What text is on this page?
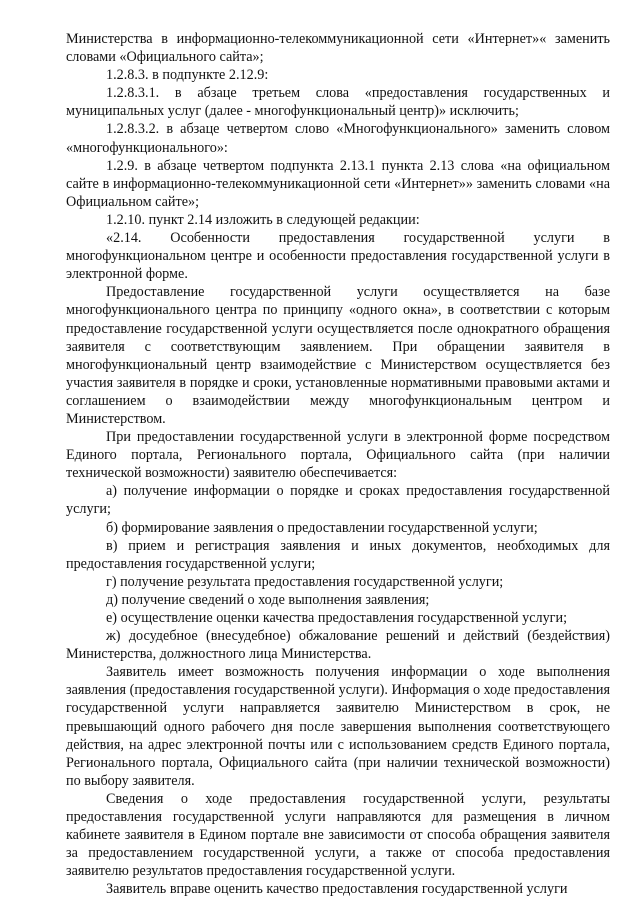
Министерства в информационно-телекоммуникационной сети «Интернет»« заменить словами «Официального сайта»;

1.2.8.3. в подпункте 2.12.9:

1.2.8.3.1. в абзаце третьем слова «предоставления государственных и муниципальных услуг (далее - многофункциональный центр)» исключить;

1.2.8.3.2. в абзаце четвертом слово «Многофункционального» заменить словом «многофункционального»:

1.2.9. в абзаце четвертом подпункта 2.13.1 пункта 2.13 слова «на официальном сайте в информационно-телекоммуникационной сети «Интернет»» заменить словами «на Официальном сайте»;

1.2.10. пункт 2.14 изложить в следующей редакции:

«2.14. Особенности предоставления государственной услуги в многофункциональном центре и особенности предоставления государственной услуги в электронной форме.

Предоставление государственной услуги осуществляется на базе многофункционального центра по принципу «одного окна», в соответствии с которым предоставление государственной услуги осуществляется после однократного обращения заявителя с соответствующим заявлением. При обращении заявителя в многофункциональный центр взаимодействие с Министерством осуществляется без участия заявителя в порядке и сроки, установленные нормативными правовыми актами и соглашением о взаимодействии между многофункциональным центром и Министерством.

При предоставлении государственной услуги в электронной форме посредством Единого портала, Регионального портала, Официального сайта (при наличии технической возможности) заявителю обеспечивается:

а) получение информации о порядке и сроках предоставления государственной услуги;

б) формирование заявления о предоставлении государственной услуги;

в) прием и регистрация заявления и иных документов, необходимых для предоставления государственной услуги;

г) получение результата предоставления государственной услуги;

д) получение сведений о ходе выполнения заявления;

е) осуществление оценки качества предоставления государственной услуги;

ж) досудебное (внесудебное) обжалование решений и действий (бездействия) Министерства, должностного лица Министерства.

Заявитель имеет возможность получения информации о ходе выполнения заявления (предоставления государственной услуги). Информация о ходе предоставления государственной услуги направляется заявителю Министерством в срок, не превышающий одного рабочего дня после завершения выполнения соответствующего действия, на адрес электронной почты или с использованием средств Единого портала, Регионального портала, Официального сайта (при наличии технической возможности) по выбору заявителя.

Сведения о ходе предоставления государственной услуги, результаты предоставления государственной услуги направляются для размещения в личном кабинете заявителя в Едином портале вне зависимости от способа обращения заявителя за предоставлением государственной услуги, а также от способа предоставления заявителю результатов предоставления государственной услуги.

Заявитель вправе оценить качество предоставления государственной услуги
